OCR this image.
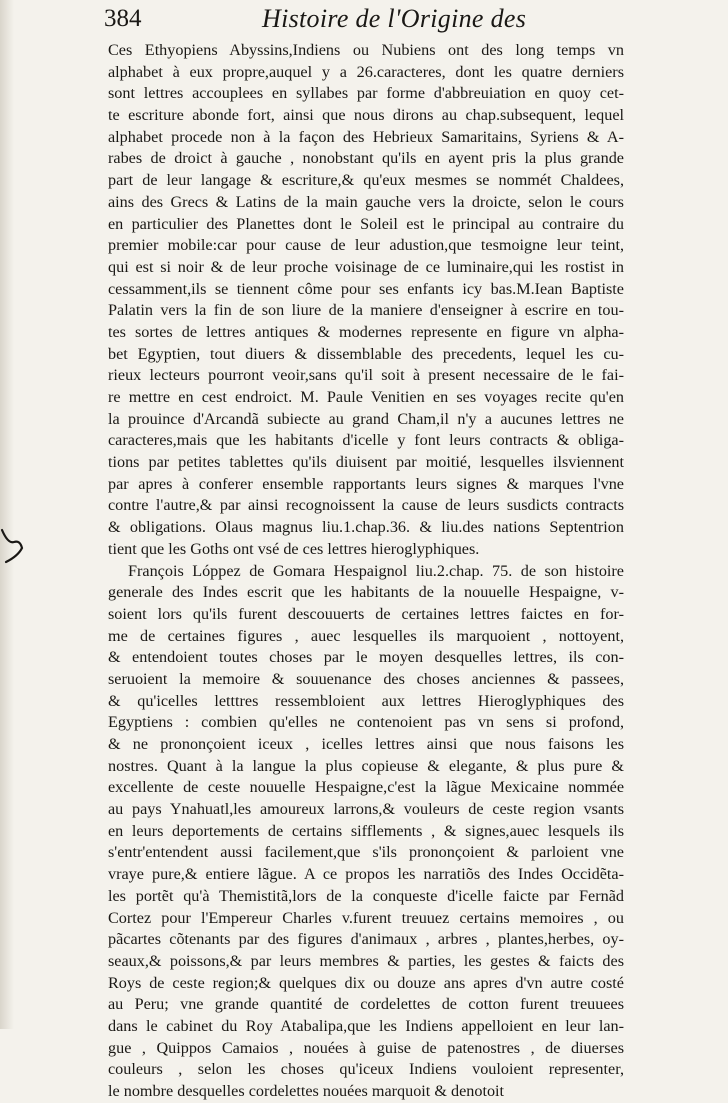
384	Histoire de l'Origine des
Ces Ethyopiens Abyssins,Indiens ou Nubiens ont des long temps vn
alphabet à eux propre,auquel y a 26.caracteres, dont les quatre derniers
sont lettres accouplees en syllabes par forme d'abbreuiation en quoy cet-
te escriture abonde fort, ainsi que nous dirons au chap.subsequent, lequel
alphabet procede non à la façon des Hebrieux Samaritains, Syriens & A-
rabes de droict à gauche , nonobstant qu'ils en ayent pris la plus grande
part de leur langage & escriture,& qu'eux mesmes se nommét Chaldees,
ains des Grecs & Latins de la main gauche vers la droicte, selon le cours
en particulier des Planettes dont le Soleil est le principal au contraire du
premier mobile:car pour cause de leur adustion,que tesmoigne leur teint,
qui est si noir & de leur proche voisinage de ce luminaire,qui les rostist in
cessamment,ils se tiennent côme pour ses enfants icy bas.M.Iean Baptiste
Palatin vers la fin de son liure de la maniere d'enseigner à escrire en tou-
tes sortes de lettres antiques & modernes represente en figure vn alpha-
bet Egyptien, tout diuers & dissemblable des precedents, lequel les cu-
rieux lecteurs pourront veoir,sans qu'il soit à present necessaire de le fai-
re mettre en cest endroict. M. Paule Venitien en ses voyages recite qu'en
la prouince d'Arcandã subiecte au grand Cham,il n'y a aucunes lettres ne
caracteres,mais que les habitants d'icelle y font leurs contracts & obliga-
tions par petites tablettes qu'ils diuisent par moitié, lesquelles ilsviennent
par apres à conferer ensemble rapportants leurs signes & marques l'vne
contre l'autre,& par ainsi recognoissent la cause de leurs susdicts contracts
& obligations. Olaus magnus liu.1.chap.36. & liu.des nations Septentrion
tient que les Goths ont vsé de ces lettres hieroglyphiques.
François Lóppez de Gomara Hespaignol liu.2.chap. 75. de son histoire
generale des Indes escrit que les habitants de la nouuelle Hespaigne, v-
soient lors qu'ils furent descouuerts de certaines lettres faictes en for-
me de certaines figures , auec lesquelles ils marquoient , nottoyent,
& entendoient toutes choses par le moyen desquelles lettres, ils con-
seruoient la memoire & souuenance des choses anciennes & passees,
& qu'icelles letttres ressembloient aux lettres Hieroglyphiques des
Egyptiens : combien qu'elles ne contenoient pas vn sens si profond,
& ne prononçoient iceux , icelles lettres ainsi que nous faisons les
nostres. Quant à la langue la plus copieuse & elegante, & plus pure &
excellente de ceste nouuelle Hespaigne,c'est la lãgue Mexicaine nommée
au pays Ynahuatl,les amoureux larrons,& vouleurs de ceste region vsants
en leurs deportements de certains sifflements , & signes,auec lesquels ils
s'entr'entendent aussi facilement,que s'ils prononçoient & parloient vne
vraye pure,& entiere lãgue. A ce propos les narratiõs des Indes Occidẽta-
les portẽt qu'à Themistitã,lors de la conqueste d'icelle faicte par Fernãd
Cortez pour l'Empereur Charles v.furent treuuez certains memoires , ou
pãcartes cõtenants par des figures d'animaux , arbres , plantes,herbes, oy-
seaux,& poissons,& par leurs membres & parties, les gestes & faicts des
Roys de ceste region;& quelques dix ou douze ans apres d'vn autre costé
au Peru; vne grande quantité de cordelettes de cotton furent treuuees
dans le cabinet du Roy Atabalipa,que les Indiens appelloient en leur lan-
gue , Quippos Camaios , nouées à guise de patenostres , de diuerses
couleurs , selon les choses qu'iceux Indiens vouloient representer,
le nombre desquelles cordelettes nouées marquoit & denotoit
